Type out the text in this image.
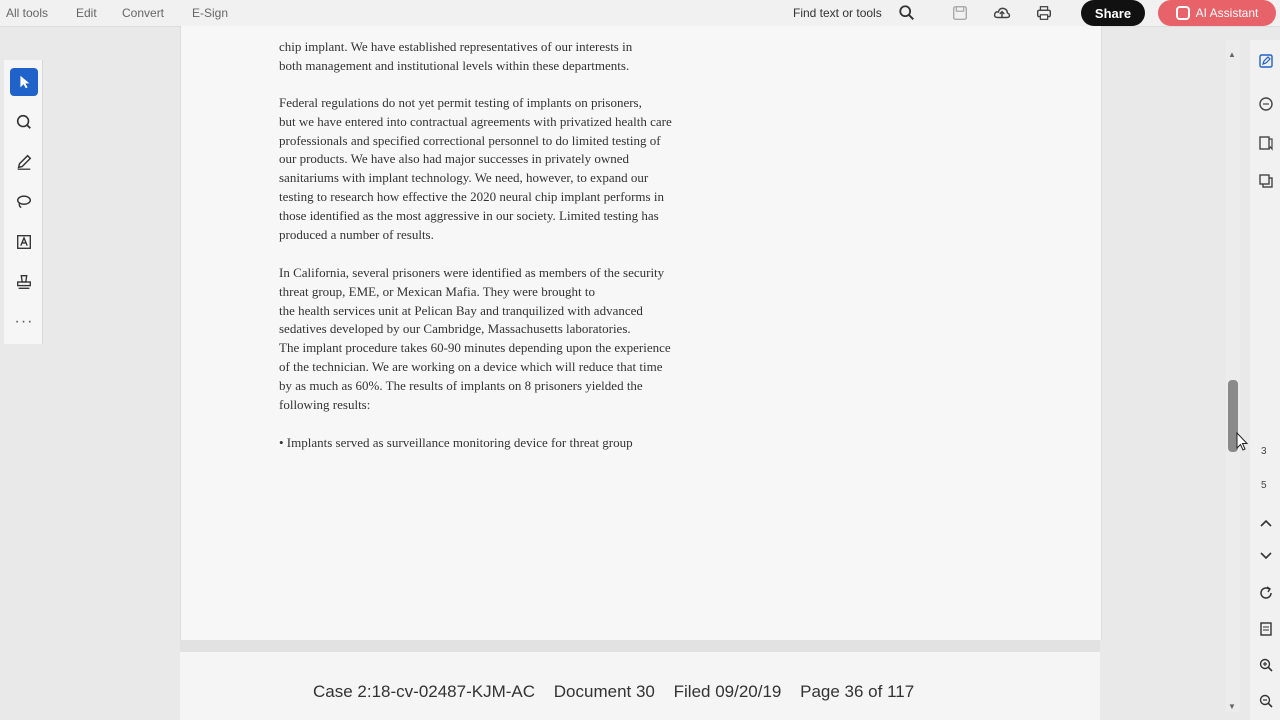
All tools Edit Convert E-Sign	Find text or tools	Share	AI Assistant
···
chip implant. We have established representatives of our interests in
both management and institutional levels within these departments.
Federal regulations do not yet permit testing of implants on prisoners,
but we have entered into contractual agreements with privatized health care
professionals and specified correctional personnel to do limited testing of
our products. We have also had major successes in privately owned
sanitariums with implant technology. We need, however, to expand our
testing to research how effective the 2020 neural chip implant performs in
those identified as the most aggressive in our society. Limited testing has
produced a number of results.
In California, several prisoners were identified as members of the security
threat group, EME, or Mexican Mafia. They were brought to
the health services unit at Pelican Bay and tranquilized with advanced
sedatives developed by our Cambridge, Massachusetts laboratories.
The implant procedure takes 60-90 minutes depending upon the experience
of the technician. We are working on a device which will reduce that time
by as much as 60%. The results of implants on 8 prisoners yielded the
following results:
• Implants served as surveillance monitoring device for threat group
Case 2:18-cv-02487-KJM-AC Document 30 Filed 09/20/19 Page 36 of 117
▲
▼
3
5
